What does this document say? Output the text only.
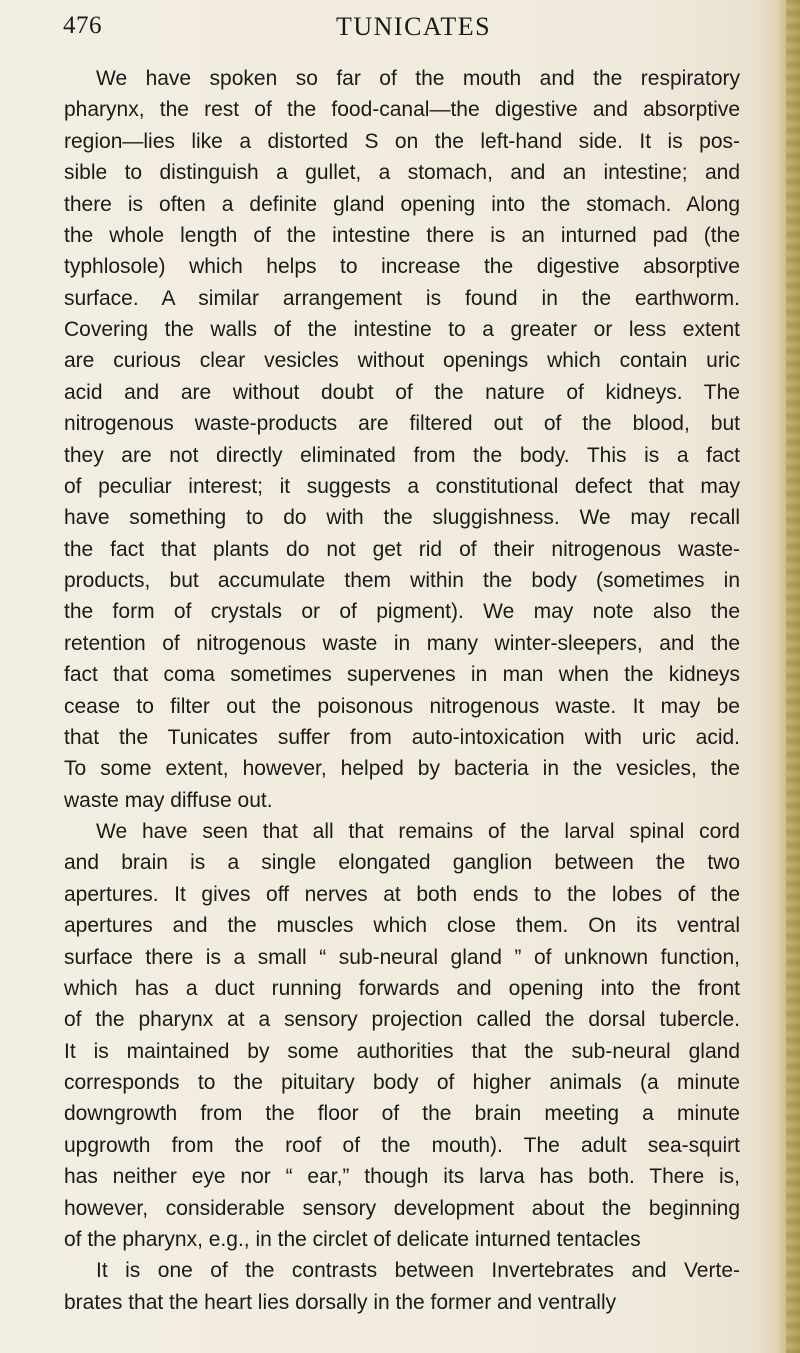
476	TUNICATES
We have spoken so far of the mouth and the respiratory
pharynx, the rest of the food-canal—the digestive and absorptive
region—lies like a distorted S on the left-hand side. It is pos-
sible to distinguish a gullet, a stomach, and an intestine; and
there is often a definite gland opening into the stomach. Along
the whole length of the intestine there is an inturned pad (the
typhlosole) which helps to increase the digestive absorptive
surface. A similar arrangement is found in the earthworm.
Covering the walls of the intestine to a greater or less extent
are curious clear vesicles without openings which contain uric
acid and are without doubt of the nature of kidneys. The
nitrogenous waste-products are filtered out of the blood, but
they are not directly eliminated from the body. This is a fact
of peculiar interest; it suggests a constitutional defect that may
have something to do with the sluggishness. We may recall
the fact that plants do not get rid of their nitrogenous waste-
products, but accumulate them within the body (sometimes in
the form of crystals or of pigment). We may note also the
retention of nitrogenous waste in many winter-sleepers, and the
fact that coma sometimes supervenes in man when the kidneys
cease to filter out the poisonous nitrogenous waste. It may be
that the Tunicates suffer from auto-intoxication with uric acid.
To some extent, however, helped by bacteria in the vesicles, the
waste may diffuse out.
We have seen that all that remains of the larval spinal cord
and brain is a single elongated ganglion between the two
apertures. It gives off nerves at both ends to the lobes of the
apertures and the muscles which close them. On its ventral
surface there is a small “ sub-neural gland ” of unknown function,
which has a duct running forwards and opening into the front
of the pharynx at a sensory projection called the dorsal tubercle.
It is maintained by some authorities that the sub-neural gland
corresponds to the pituitary body of higher animals (a minute
downgrowth from the floor of the brain meeting a minute
upgrowth from the roof of the mouth). The adult sea-squirt
has neither eye nor “ ear,” though its larva has both. There is,
however, considerable sensory development about the beginning
of the pharynx, e.g., in the circlet of delicate inturned tentacles
It is one of the contrasts between Invertebrates and Verte-
brates that the heart lies dorsally in the former and ventrally
